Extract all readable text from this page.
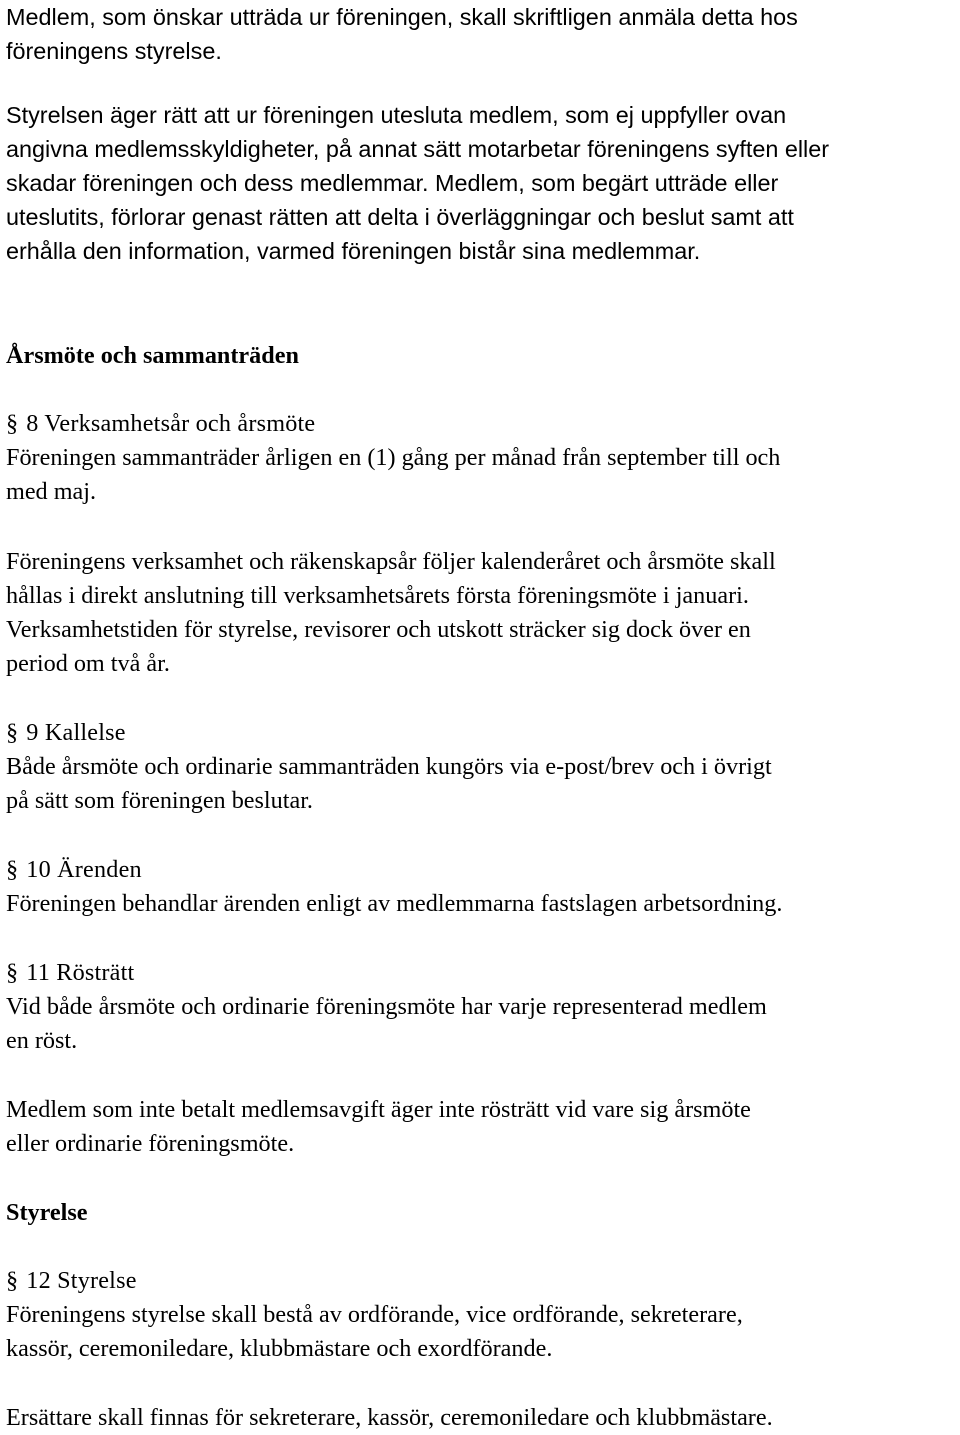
Medlem, som önskar utträda ur föreningen, skall skriftligen anmäla detta hos

föreningens styrelse.

Styrelsen äger rätt att ur föreningen utesluta medlem, som ej uppfyller ovan

angivna medlemsskyldigheter, på annat sätt motarbetar föreningens syften eller

skadar föreningen och dess medlemmar. Medlem, som begärt utträde eller

uteslutits, förlorar genast rätten att delta i överläggningar och beslut samt att

erhålla den information, varmed föreningen bistår sina medlemmar.

Årsmöte och sammanträden

§ 8 Verksamhetsår och årsmöte

Föreningen sammanträder årligen en (1) gång per månad från september till och

med maj.

Föreningens verksamhet och räkenskapsår följer kalenderåret och årsmöte skall

hållas i direkt anslutning till verksamhetsårets första föreningsmöte i januari.

Verksamhetstiden för styrelse, revisorer och utskott sträcker sig dock över en

period om två år.

§ 9 Kallelse

Både årsmöte och ordinarie sammanträden kungörs via e-post/brev och i övrigt

på sätt som föreningen beslutar.

§ 10 Ärenden

Föreningen behandlar ärenden enligt av medlemmarna fastslagen arbetsordning.

§ 11 Rösträtt

Vid både årsmöte och ordinarie föreningsmöte har varje representerad medlem

en röst.

Medlem som inte betalt medlemsavgift äger inte rösträtt vid vare sig årsmöte

eller ordinarie föreningsmöte.

Styrelse

§ 12 Styrelse

Föreningens styrelse skall bestå av ordförande, vice ordförande, sekreterare,

kassör, ceremoniledare, klubbmästare och exordförande.

Ersättare skall finnas för sekreterare, kassör, ceremoniledare och klubbmästare.
